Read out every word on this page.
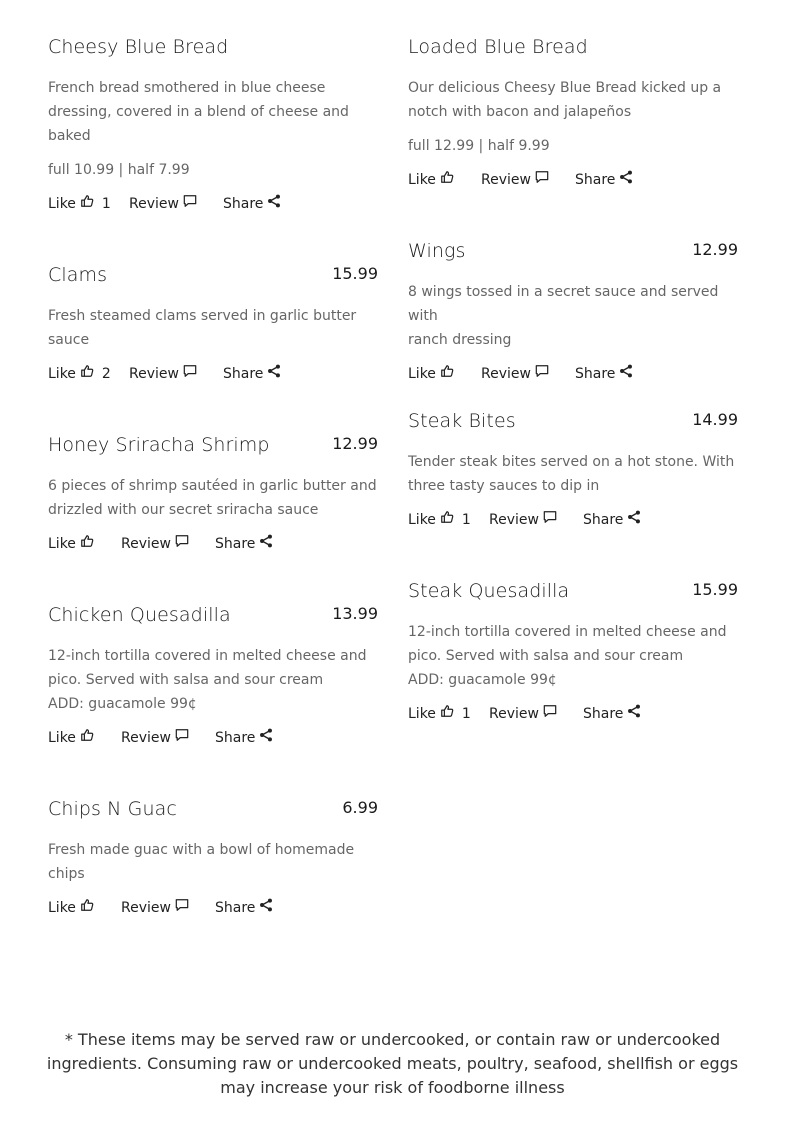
Cheesy Blue Bread
French bread smothered in blue cheese
dressing, covered in a blend of cheese and
baked
full 10.99 | half 7.99
Like 1 Review	Share
Clams	15.99
Fresh steamed clams served in garlic butter
sauce
Like 2 Review	Share
Honey Sriracha Shrimp	12.99
6 pieces of shrimp sautéed in garlic butter and
drizzled with our secret sriracha sauce
Like	Review	Share
Chicken Quesadilla	13.99
12-inch tortilla covered in melted cheese and
pico. Served with salsa and sour cream
ADD: guacamole 99¢
Like	Review	Share
Chips N Guac	6.99
Fresh made guac with a bowl of homemade
chips
Like	Review	Share
Loaded Blue Bread
Our delicious Cheesy Blue Bread kicked up a
notch with bacon and jalapeños
full 12.99 | half 9.99
Like	Review	Share
Wings	12.99
8 wings tossed in a secret sauce and served with
ranch dressing
Like	Review	Share
Steak Bites	14.99
Tender steak bites served on a hot stone. With
three tasty sauces to dip in
Like 1 Review	Share
Steak Quesadilla	15.99
12-inch tortilla covered in melted cheese and
pico. Served with salsa and sour cream
ADD: guacamole 99¢
Like 1 Review	Share
* These items may be served raw or undercooked, or contain raw or undercooked ingredients. Consuming raw or undercooked meats, poultry, seafood, shellfish or eggs may increase your risk of foodborne illness
